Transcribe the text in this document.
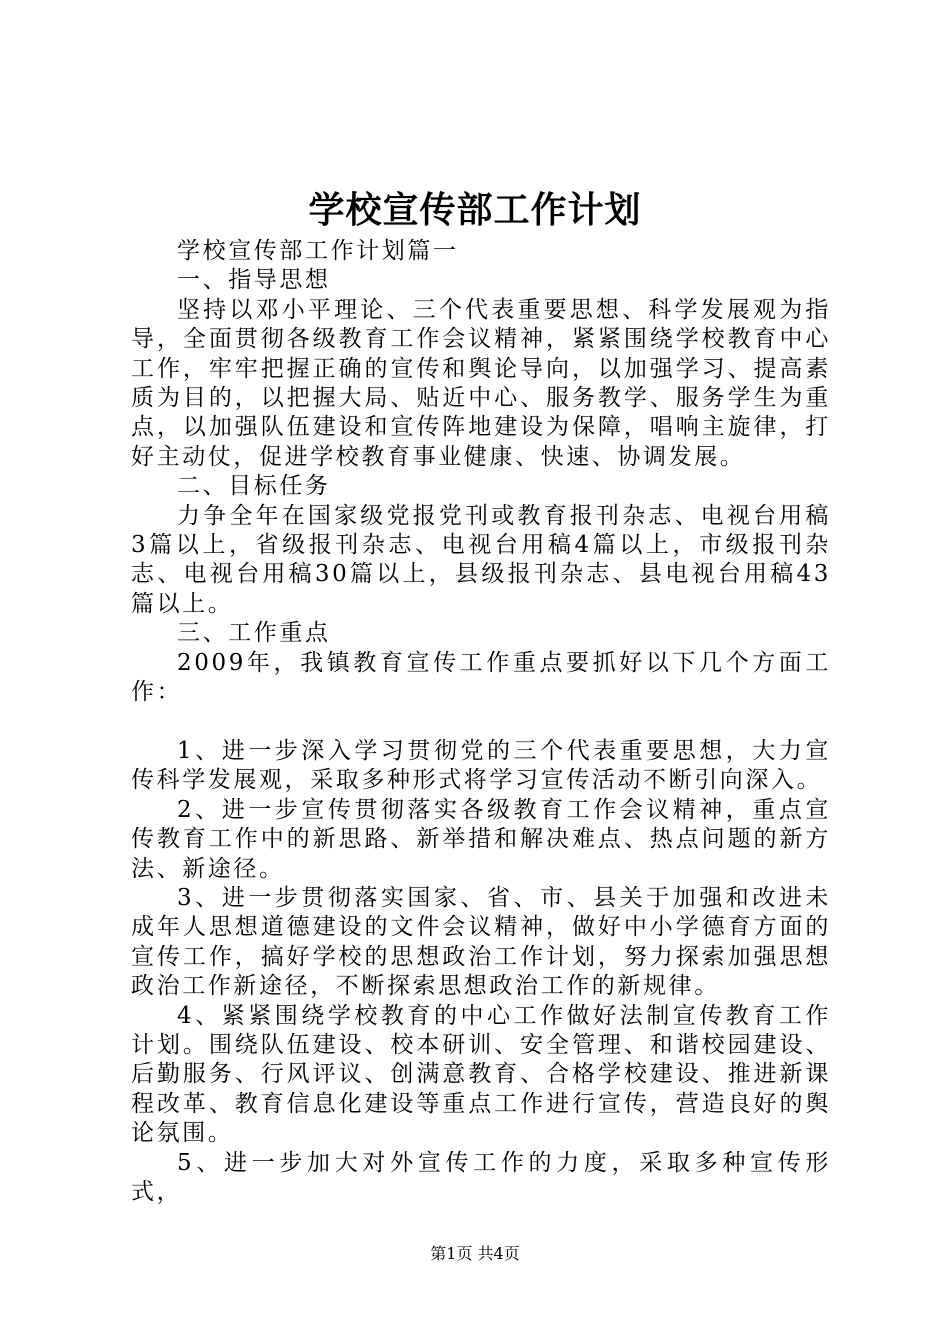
学校宣传部工作计划

学校宣传部工作计划篇一

一、指导思想

坚持以邓小平理论、三个代表重要思想、科学发展观为指导，全面贯彻各级教育工作会议精神，紧紧围绕学校教育中心工作，牢牢把握正确的宣传和舆论导向，以加强学习、提高素质为目的，以把握大局、贴近中心、服务教学、服务学生为重点，以加强队伍建设和宣传阵地建设为保障，唱响主旋律，打好主动仗，促进学校教育事业健康、快速、协调发展。

二、目标任务

力争全年在国家级党报党刊或教育报刊杂志、电视台用稿3篇以上，省级报刊杂志、电视台用稿4篇以上，市级报刊杂志、电视台用稿30篇以上，县级报刊杂志、县电视台用稿43篇以上。

三、工作重点

2009年，我镇教育宣传工作重点要抓好以下几个方面工作：

1、进一步深入学习贯彻党的三个代表重要思想，大力宣传科学发展观，采取多种形式将学习宣传活动不断引向深入。

2、进一步宣传贯彻落实各级教育工作会议精神，重点宣传教育工作中的新思路、新举措和解决难点、热点问题的新方法、新途径。

3、进一步贯彻落实国家、省、市、县关于加强和改进未成年人思想道德建设的文件会议精神，做好中小学德育方面的宣传工作，搞好学校的思想政治工作计划，努力探索加强思想政治工作新途径，不断探索思想政治工作的新规律。

4、紧紧围绕学校教育的中心工作做好法制宣传教育工作计划。围绕队伍建设、校本研训、安全管理、和谐校园建设、后勤服务、行风评议、创满意教育、合格学校建设、推进新课程改革、教育信息化建设等重点工作进行宣传，营造良好的舆论氛围。

5、进一步加大对外宣传工作的力度，采取多种宣传形式，

第1页 共4页
